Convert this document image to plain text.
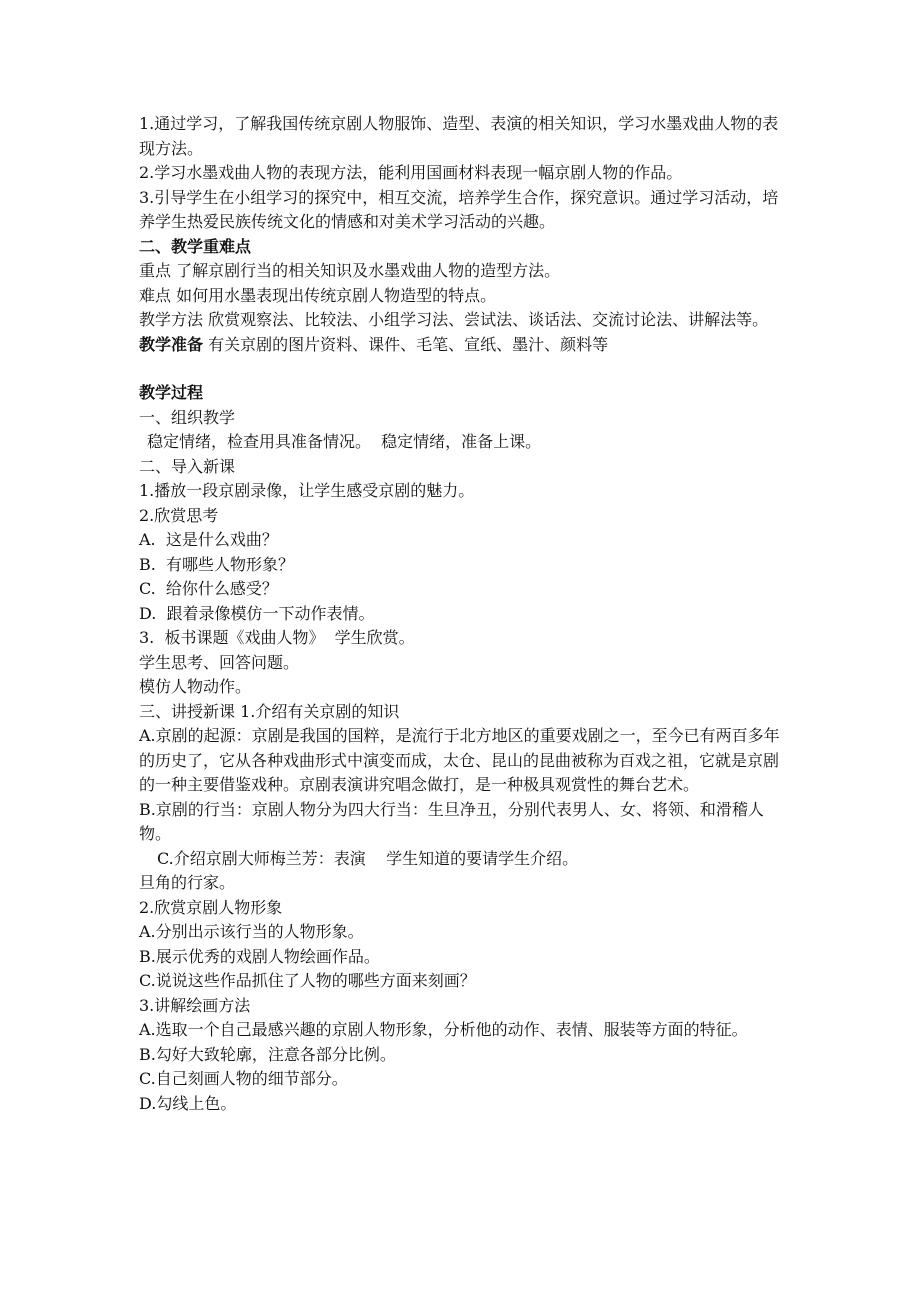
1.通过学习，了解我国传统京剧人物服饰、造型、表演的相关知识，学习水墨戏曲人物的表现方法。

2.学习水墨戏曲人物的表现方法，能利用国画材料表现一幅京剧人物的作品。

3.引导学生在小组学习的探究中，相互交流，培养学生合作，探究意识。通过学习活动，培养学生热爱民族传统文化的情感和对美术学习活动的兴趣。

二、教学重难点

重点 了解京剧行当的相关知识及水墨戏曲人物的造型方法。

难点 如何用水墨表现出传统京剧人物造型的特点。

教学方法 欣赏观察法、比较法、小组学习法、尝试法、谈话法、交流讨论法、讲解法等。

教学准备 有关京剧的图片资料、课件、毛笔、宣纸、墨汁、颜料等

教学过程

一、组织教学

稳定情绪，检查用具准备情况。  稳定情绪，准备上课。

二、导入新课

1.播放一段京剧录像，让学生感受京剧的魅力。

2.欣赏思考

A.  这是什么戏曲？

B.  有哪些人物形象？

C.  给你什么感受？

D.  跟着录像模仿一下动作表情。

3.  板书课题《戏曲人物》  学生欣赏。

学生思考、回答问题。

模仿人物动作。

三、讲授新课 1.介绍有关京剧的知识

A.京剧的起源：京剧是我国的国粹，是流行于北方地区的重要戏剧之一，至今已有两百多年的历史了，它从各种戏曲形式中演变而成，太仓、昆山的昆曲被称为百戏之祖，它就是京剧的一种主要借鉴戏种。京剧表演讲究唱念做打，是一种极具观赏性的舞台艺术。

B.京剧的行当：京剧人物分为四大行当：生旦净丑，分别代表男人、女、将领、和滑稽人物。

C.介绍京剧大师梅兰芳：表演    学生知道的要请学生介绍。

旦角的行家。

2.欣赏京剧人物形象

A.分别出示该行当的人物形象。

B.展示优秀的戏剧人物绘画作品。

C.说说这些作品抓住了人物的哪些方面来刻画？

3.讲解绘画方法

A.选取一个自己最感兴趣的京剧人物形象，分析他的动作、表情、服装等方面的特征。

B.勾好大致轮廓，注意各部分比例。

C.自己刻画人物的细节部分。

D.勾线上色。
